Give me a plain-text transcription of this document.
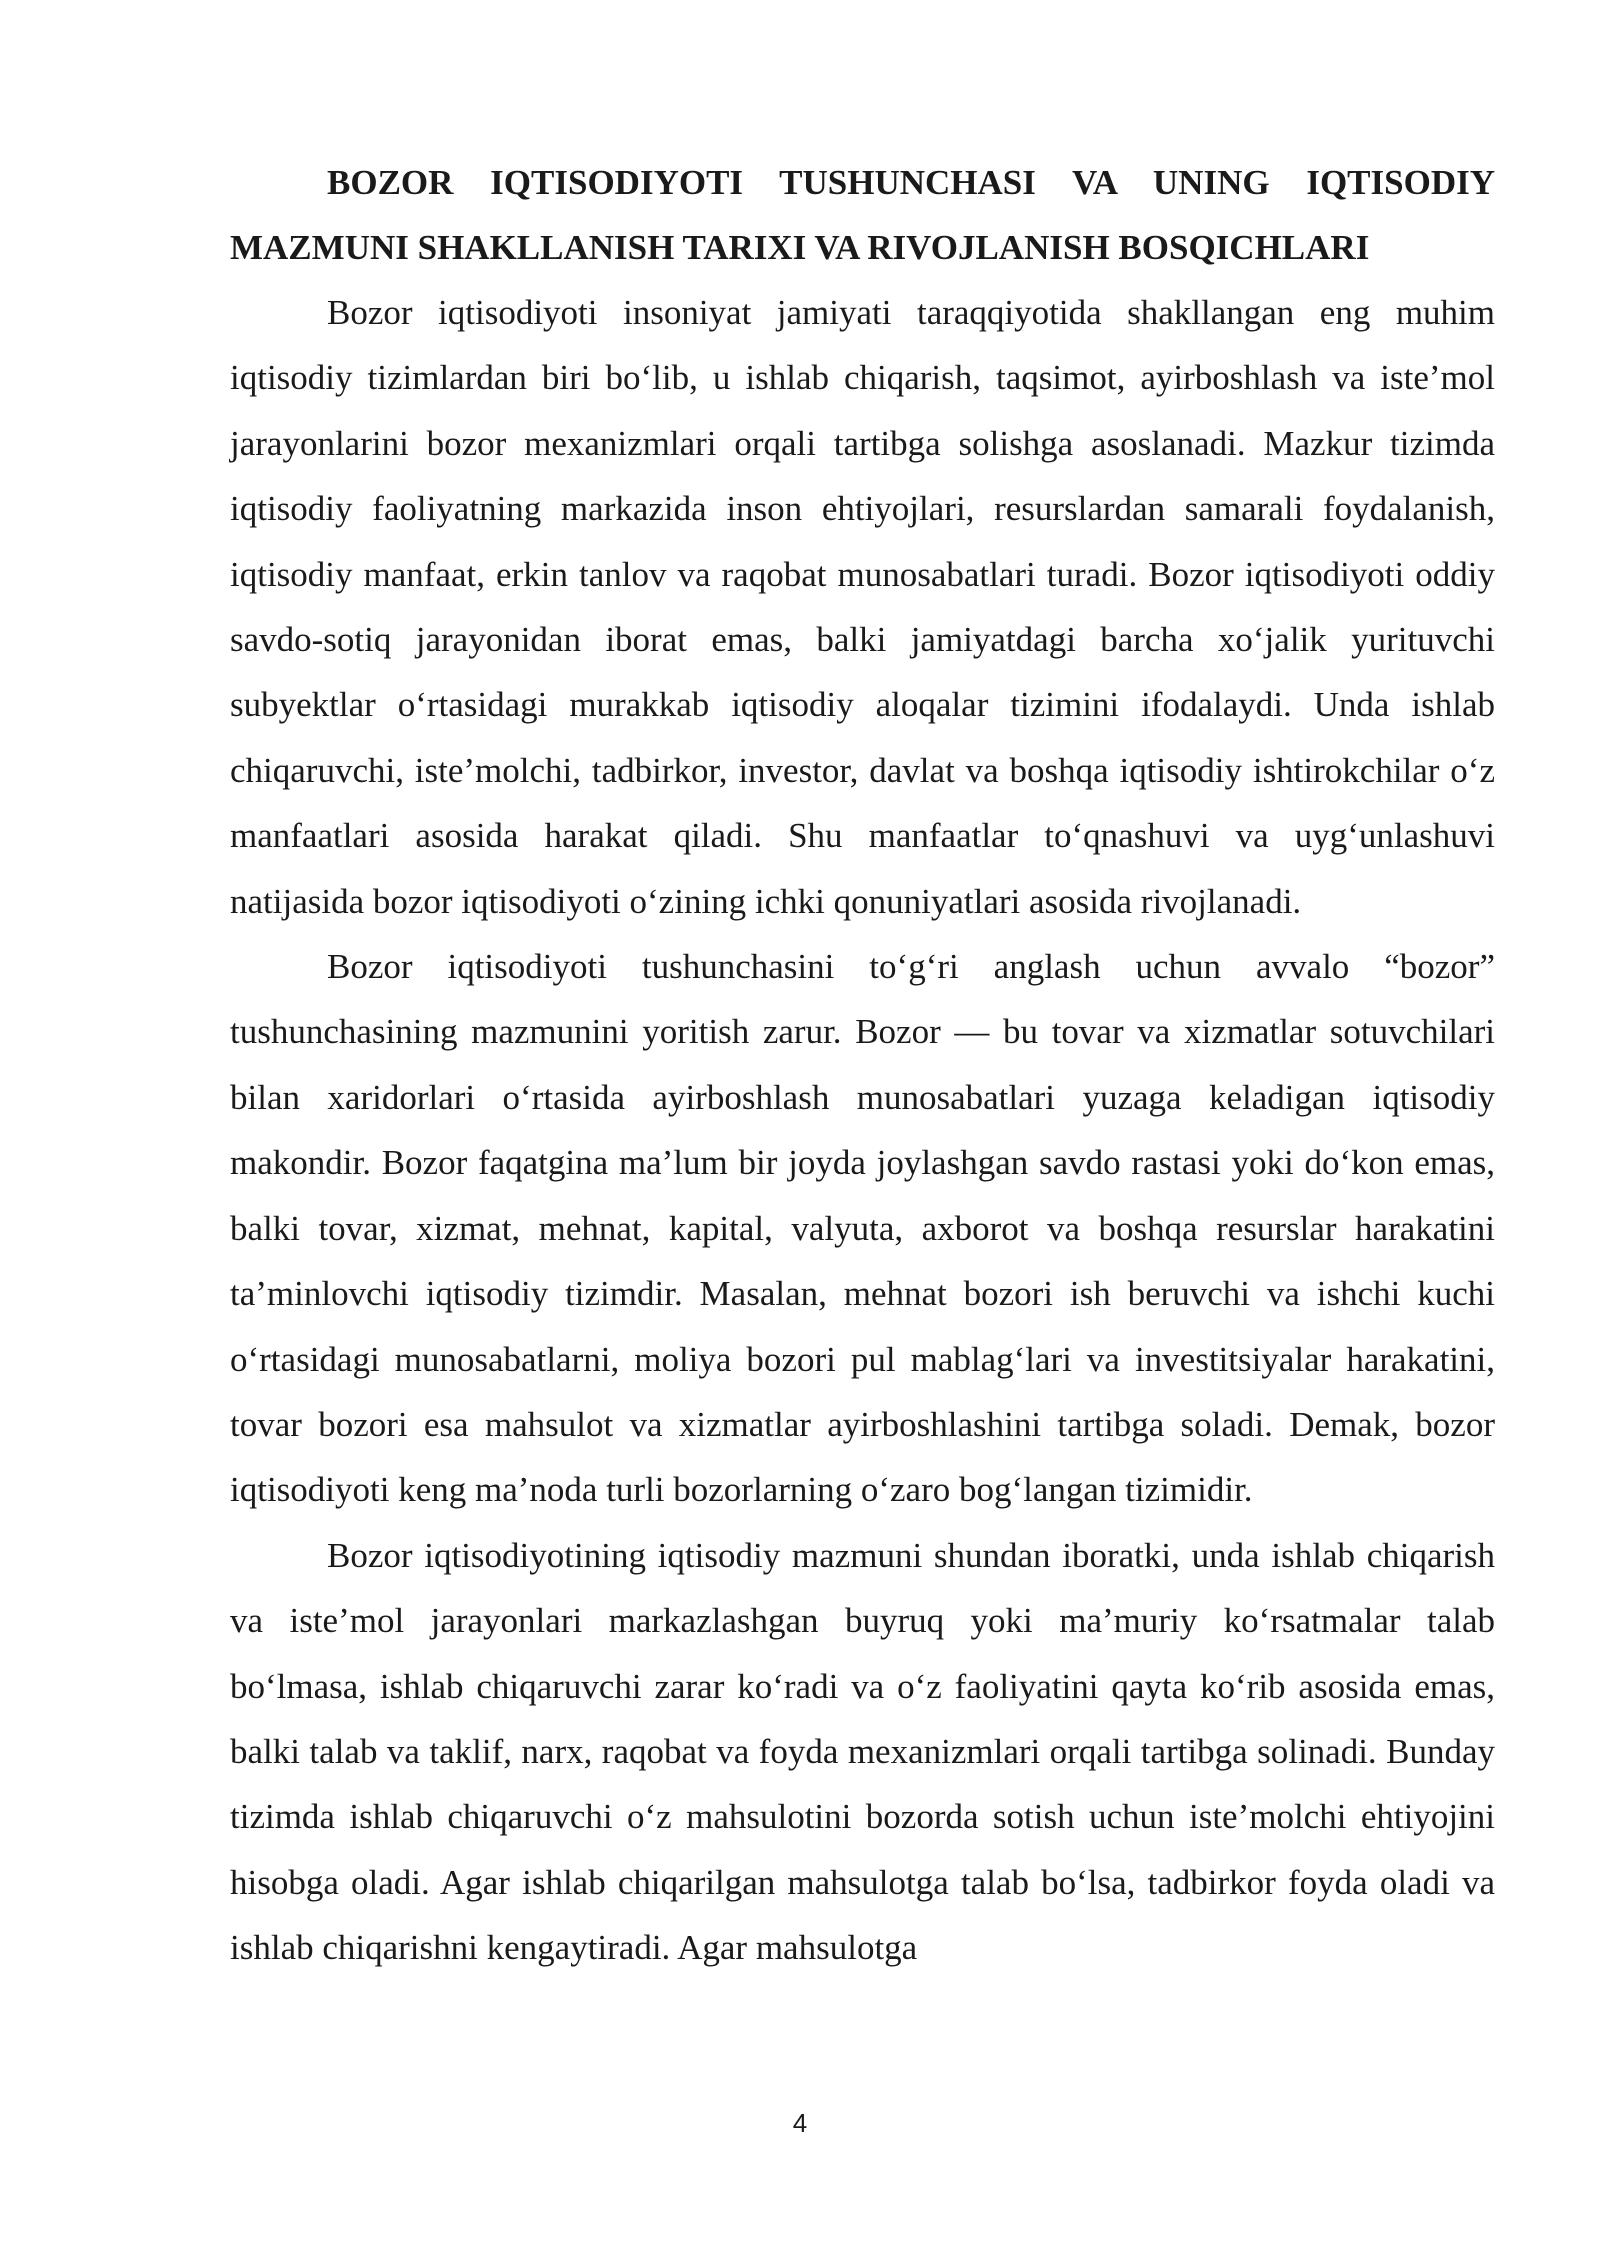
BOZOR IQTISODIYOTI TUSHUNCHASI VA UNING IQTISODIY MAZMUNI SHAKLLANISH TARIXI VA RIVOJLANISH BOSQICHLARI

Bozor iqtisodiyoti insoniyat jamiyati taraqqiyotida shakllangan eng muhim iqtisodiy tizimlardan biri bo‘lib, u ishlab chiqarish, taqsimot, ayirboshlash va iste’mol jarayonlarini bozor mexanizmlari orqali tartibga solishga asoslanadi. Mazkur tizimda iqtisodiy faoliyatning markazida inson ehtiyojlari, resurslardan samarali foydalanish, iqtisodiy manfaat, erkin tanlov va raqobat munosabatlari turadi. Bozor iqtisodiyoti oddiy savdo-sotiq jarayonidan iborat emas, balki jamiyatdagi barcha xo‘jalik yurituvchi subyektlar o‘rtasidagi murakkab iqtisodiy aloqalar tizimini ifodalaydi. Unda ishlab chiqaruvchi, iste’molchi, tadbirkor, investor, davlat va boshqa iqtisodiy ishtirokchilar o‘z manfaatlari asosida harakat qiladi. Shu manfaatlar to‘qnashuvi va uyg‘unlashuvi natijasida bozor iqtisodiyoti o‘zining ichki qonuniyatlari asosida rivojlanadi.

Bozor iqtisodiyoti tushunchasini to‘g‘ri anglash uchun avvalo “bozor” tushunchasining mazmunini yoritish zarur. Bozor — bu tovar va xizmatlar sotuvchilari bilan xaridorlari o‘rtasida ayirboshlash munosabatlari yuzaga keladigan iqtisodiy makondir. Bozor faqatgina ma’lum bir joyda joylashgan savdo rastasi yoki do‘kon emas, balki tovar, xizmat, mehnat, kapital, valyuta, axborot va boshqa resurslar harakatini ta’minlovchi iqtisodiy tizimdir. Masalan, mehnat bozori ish beruvchi va ishchi kuchi o‘rtasidagi munosabatlarni, moliya bozori pul mablag‘lari va investitsiyalar harakatini, tovar bozori esa mahsulot va xizmatlar ayirboshlashini tartibga soladi. Demak, bozor iqtisodiyoti keng ma’noda turli bozorlarning o‘zaro bog‘langan tizimidir.

Bozor iqtisodiyotining iqtisodiy mazmuni shundan iboratki, unda ishlab chiqarish va iste’mol jarayonlari markazlashgan buyruq yoki ma’muriy ko‘rsatmalar talab bo‘lmasa, ishlab chiqaruvchi zarar ko‘radi va o‘z faoliyatini qayta ko‘rib asosida emas, balki talab va taklif, narx, raqobat va foyda mexanizmlari orqali tartibga solinadi. Bunday tizimda ishlab chiqaruvchi o‘z mahsulotini bozorda sotish uchun iste’molchi ehtiyojini hisobga oladi. Agar ishlab chiqarilgan mahsulotga talab bo‘lsa, tadbirkor foyda oladi va ishlab chiqarishni kengaytiradi. Agar mahsulotga

4
